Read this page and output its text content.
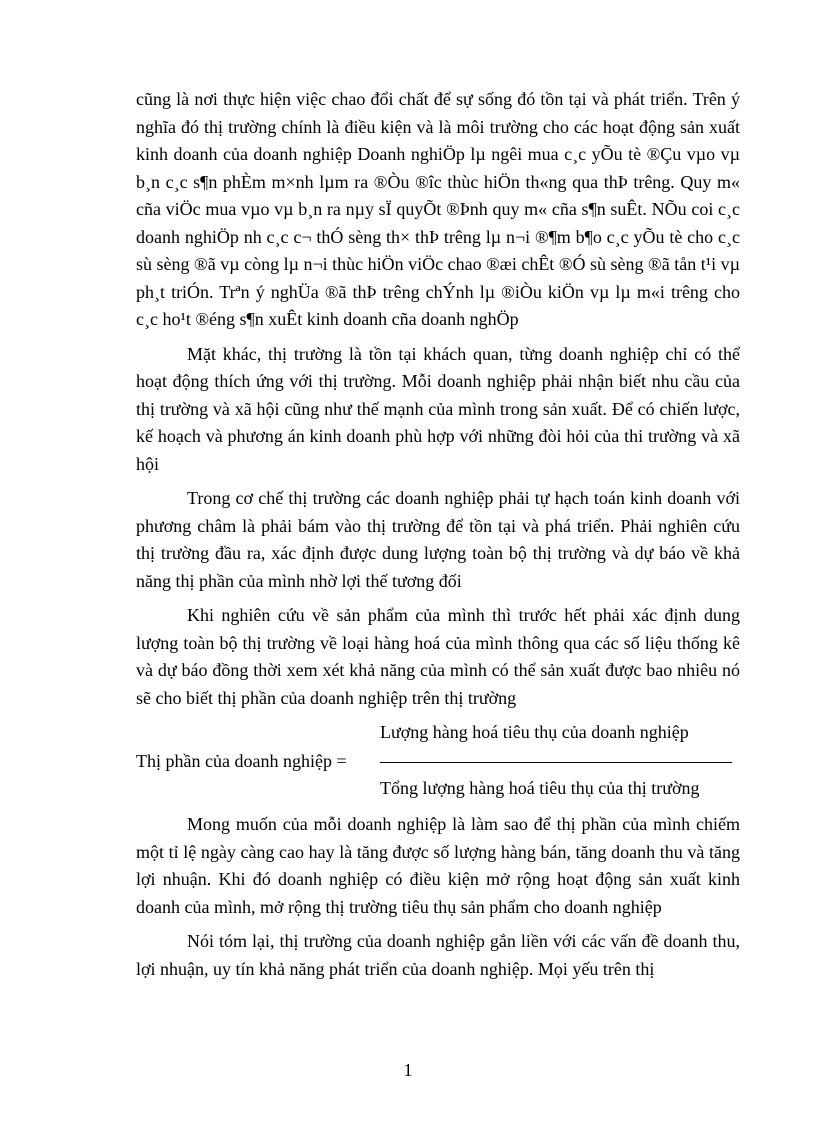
cũng là nơi thực hiện việc chao đổi chất để sự sống đó tồn tại và phát triển. Trên ý nghĩa đó thị trường chính là điều kiện và là môi trường cho các hoạt động sản xuất kinh doanh của doanh nghiệp Doanh nghiÖp lµ ngêi mua c¸c yÕu tè ®Çu vµo vµ b¸n c¸c s¶n phÈm m×nh lµm ra ®Òu ®îc thùc hiÖn th«ng qua thÞ trêng. Quy m« cña viÖc mua vµo vµ b¸n ra nµy sÏ quyÕt ®Þnh quy m« cña s¶n suÊt. NÕu coi c¸c doanh nghiÖp nh c¸c c¬ thÓ sèng th× thÞ trêng lµ n¬i ®¶m b¶o c¸c yÕu tè cho c¸c sù sèng ®ã vµ còng lµ n¬i thùc hiÖn viÖc chao ®æi chÊt ®Ó sù sèng ®ã tån t¹i vµ ph¸t triÓn. Trªn ý nghÜa ®ã thÞ trêng chÝnh lµ ®iÒu kiÖn vµ lµ m«i trêng cho c¸c ho¹t ®éng s¶n xuÊt kinh doanh cña doanh nghÖp

Mặt khác, thị trường là tồn tại khách quan, từng doanh nghiệp chỉ có thể hoạt động thích ứng với thị trường. Mỗi doanh nghiệp phải nhận biết nhu cầu của thị trường và xã hội cũng như thế mạnh của mình trong sản xuất. Để có chiến lược, kế hoạch và phương án kinh doanh phù hợp với những đòi hỏi của thi trường và xã hội

Trong cơ chế thị trường các doanh nghiệp phải tự hạch toán kinh doanh với phương châm là phải bám vào thị trường để tồn tại và phá triển. Phải nghiên cứu thị trường đầu ra, xác định được dung lượng toàn bộ thị trường và dự báo về khả năng thị phần của mình nhờ lợi thế tương đối

Khi nghiên cứu về sản phẩm của mình thì trước hết phải xác định dung lượng toàn bộ thị trường về loại hàng hoá của mình thông qua các số liệu thống kê và dự báo đồng thời xem xét khả năng của mình có thể sản xuất được bao nhiêu nó sẽ cho biết thị phần của doanh nghiệp trên thị trường

Thị phần của doanh nghiệp =
Lượng hàng hoá tiêu thụ của doanh nghiệp
Tổng lượng hàng hoá tiêu thụ của thị trường

Mong muốn của mỗi doanh nghiệp là làm sao để thị phần của mình chiếm một tỉ lệ ngày càng cao hay là tăng được số lượng hàng bán, tăng doanh thu và tăng lợi nhuận. Khi đó doanh nghiệp có điều kiện mở rộng hoạt động sản xuất kinh doanh của mình, mở rộng thị trường tiêu thụ sản phẩm cho doanh nghiệp

Nói tóm lại, thị trường của doanh nghiệp gắn liền với các vấn đề doanh thu, lợi nhuận, uy tín khả năng phát triển của doanh nghiệp. Mọi yếu trên thị

1
